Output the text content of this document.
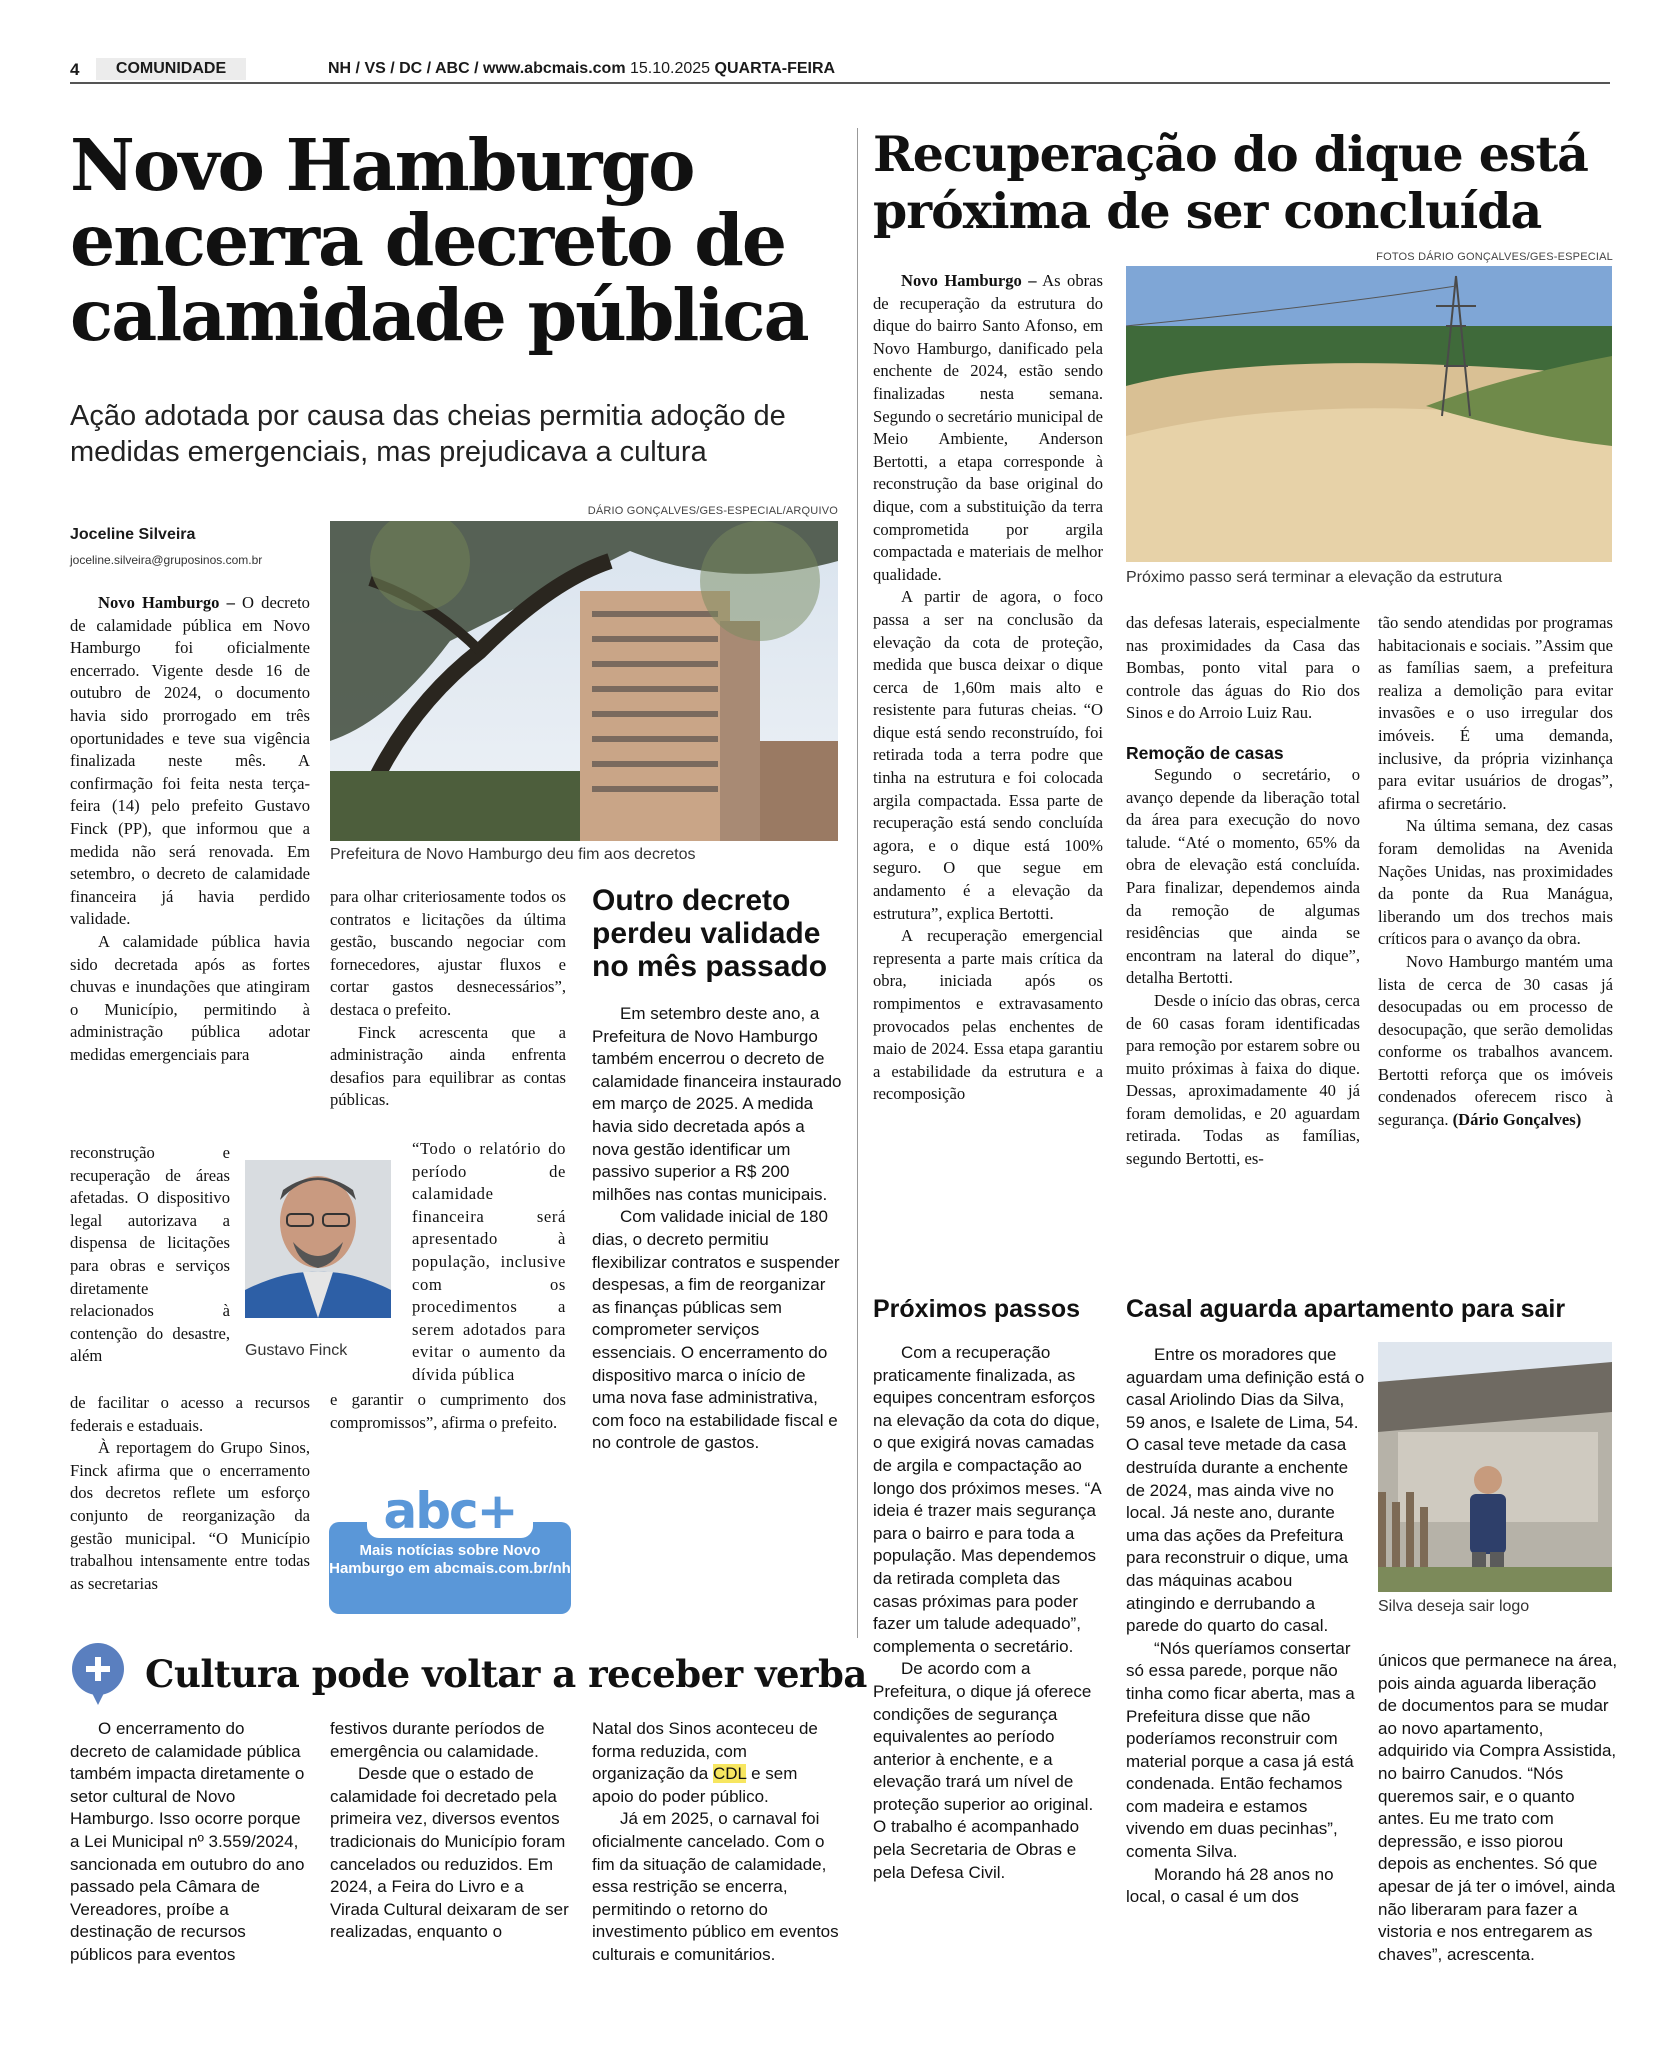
4	COMUNIDADE	NH / VS / DC / ABC / www.abcmais.com 15.10.2025 QUARTA-FEIRA
Novo Hamburgo encerra decreto de calamidade pública
Ação adotada por causa das cheias permitia adoção de medidas emergenciais, mas prejudicava a cultura
Joceline Silveira
joceline.silveira@gruposinos.com.br
DÁRIO GONÇALVES/GES-ESPECIAL/ARQUIVO
Prefeitura de Novo Hamburgo deu fim aos decretos

Novo Hamburgo – O decreto de calamidade pública em Novo Hamburgo foi oficialmente encerrado. Vigente desde 16 de outubro de 2024, o documento havia sido prorrogado em três oportunidades e teve sua vigência finalizada neste mês. A confirmação foi feita nesta terça-feira (14) pelo prefeito Gustavo Finck (PP), que informou que a medida não será renovada. Em setembro, o decreto de calamidade financeira já havia perdido validade.

A calamidade pública havia sido decretada após as fortes chuvas e inundações que atingiram o Município, permitindo à administração pública adotar medidas emergenciais para

reconstrução e recuperação de áreas afetadas. O dispositivo legal autorizava a dispensa de licitações para obras e serviços diretamente relacionados à contenção do desastre, além

de facilitar o acesso a recursos federais e estaduais.

À reportagem do Grupo Sinos, Finck afirma que o encerramento dos decretos reflete um esforço conjunto de reorganização da gestão municipal. “O Município trabalhou intensamente entre todas as secretarias

Gustavo Finck

para olhar criteriosamente todos os contratos e licitações da última gestão, buscando negociar com fornecedores, ajustar fluxos e cortar gastos desnecessários”, destaca o prefeito.

Finck acrescenta que a administração ainda enfrenta desafios para equilibrar as contas públicas.

“Todo o relatório do período de calamidade financeira será apresentado à população, inclusive com os procedimentos a serem adotados para evitar o aumento da dívida pública

e garantir o cumprimento dos compromissos”, afirma o prefeito.

abc+
Mais notícias sobre Novo Hamburgo em abcmais.com.br/nh
Outro decreto perdeu validade no mês passado

Em setembro deste ano, a Prefeitura de Novo Hamburgo também encerrou o decreto de calamidade financeira instaurado em março de 2025. A medida havia sido decretada após a nova gestão identificar um passivo superior a R$ 200 milhões nas contas municipais.

Com validade inicial de 180 dias, o decreto permitiu flexibilizar contratos e suspender despesas, a fim de reorganizar as finanças públicas sem comprometer serviços essenciais. O encerramento do dispositivo marca o início de uma nova fase administrativa, com foco na estabilidade fiscal e no controle de gastos.

Cultura pode voltar a receber verba

O encerramento do decreto de calamidade pública também impacta diretamente o setor cultural de Novo Hamburgo. Isso ocorre porque a Lei Municipal nº 3.559/2024, sancionada em outubro do ano passado pela Câmara de Vereadores, proíbe a destinação de recursos públicos para eventos

festivos durante períodos de emergência ou calamidade.

Desde que o estado de calamidade foi decretado pela primeira vez, diversos eventos tradicionais do Município foram cancelados ou reduzidos. Em 2024, a Feira do Livro e a Virada Cultural deixaram de ser realizadas, enquanto o

Natal dos Sinos aconteceu de forma reduzida, com organização da CDL e sem apoio do poder público.

Já em 2025, o carnaval foi oficialmente cancelado. Com o fim da situação de calamidade, essa restrição se encerra, permitindo o retorno do investimento público em eventos culturais e comunitários.

Recuperação do dique está próxima de ser concluída
FOTOS DÁRIO GONÇALVES/GES-ESPECIAL
Próximo passo será terminar a elevação da estrutura

Novo Hamburgo – As obras de recuperação da estrutura do dique do bairro Santo Afonso, em Novo Hamburgo, danificado pela enchente de 2024, estão sendo finalizadas nesta semana. Segundo o secretário municipal de Meio Ambiente, Anderson Bertotti, a etapa corresponde à reconstrução da base original do dique, com a substituição da terra comprometida por argila compactada e materiais de melhor qualidade.

A partir de agora, o foco passa a ser na conclusão da elevação da cota de proteção, medida que busca deixar o dique cerca de 1,60m mais alto e resistente para futuras cheias. “O dique está sendo reconstruído, foi retirada toda a terra podre que tinha na estrutura e foi colocada argila compactada. Essa parte de recuperação está sendo concluída agora, e o dique está 100% seguro. O que segue em andamento é a elevação da estrutura”, explica Bertotti.

A recuperação emergencial representa a parte mais crítica da obra, iniciada após os rompimentos e extravasamento provocados pelas enchentes de maio de 2024. Essa etapa garantiu a estabilidade da estrutura e a recomposição

das defesas laterais, especialmente nas proximidades da Casa das Bombas, ponto vital para o controle das águas do Rio dos Sinos e do Arroio Luiz Rau.

Remoção de casas

Segundo o secretário, o avanço depende da liberação total da área para execução do novo talude. “Até o momento, 65% da obra de elevação está concluída. Para finalizar, dependemos ainda da remoção de algumas residências que ainda se encontram na lateral do dique”, detalha Bertotti.

Desde o início das obras, cerca de 60 casas foram identificadas para remoção por estarem sobre ou muito próximas à faixa do dique. Dessas, aproximadamente 40 já foram demolidas, e 20 aguardam retirada. Todas as famílias, segundo Bertotti, es-

tão sendo atendidas por programas habitacionais e sociais. ”Assim que as famílias saem, a prefeitura realiza a demolição para evitar invasões e o uso irregular dos imóveis. É uma demanda, inclusive, da própria vizinhança para evitar usuários de drogas”, afirma o secretário.

Na última semana, dez casas foram demolidas na Avenida Nações Unidas, nas proximidades da ponte da Rua Manágua, liberando um dos trechos mais críticos para o avanço da obra.

Novo Hamburgo mantém uma lista de cerca de 30 casas já desocupadas ou em processo de desocupação, que serão demolidas conforme os trabalhos avancem. Bertotti reforça que os imóveis condenados oferecem risco à segurança. (Dário Gonçalves)

Próximos passos

Com a recuperação praticamente finalizada, as equipes concentram esforços na elevação da cota do dique, o que exigirá novas camadas de argila e compactação ao longo dos próximos meses. “A ideia é trazer mais segurança para o bairro e para toda a população. Mas dependemos da retirada completa das casas próximas para poder fazer um talude adequado”, complementa o secretário.

De acordo com a Prefeitura, o dique já oferece condições de segurança equivalentes ao período anterior à enchente, e a elevação trará um nível de proteção superior ao original. O trabalho é acompanhado pela Secretaria de Obras e pela Defesa Civil.

Casal aguarda apartamento para sair

Entre os moradores que aguardam uma definição está o casal Ariolindo Dias da Silva, 59 anos, e Isalete de Lima, 54. O casal teve metade da casa destruída durante a enchente de 2024, mas ainda vive no local. Já neste ano, durante uma das ações da Prefeitura para reconstruir o dique, uma das máquinas acabou atingindo e derrubando a parede do quarto do casal.

“Nós queríamos consertar só essa parede, porque não tinha como ficar aberta, mas a Prefeitura disse que não poderíamos reconstruir com material porque a casa já está condenada. Então fechamos com madeira e estamos vivendo em duas pecinhas”, comenta Silva.

Morando há 28 anos no local, o casal é um dos

Silva deseja sair logo

únicos que permanece na área, pois ainda aguarda liberação de documentos para se mudar ao novo apartamento, adquirido via Compra Assistida, no bairro Canudos. “Nós queremos sair, e o quanto antes. Eu me trato com depressão, e isso piorou depois as enchentes. Só que apesar de já ter o imóvel, ainda não liberaram para fazer a vistoria e nos entregarem as chaves”, acrescenta.
